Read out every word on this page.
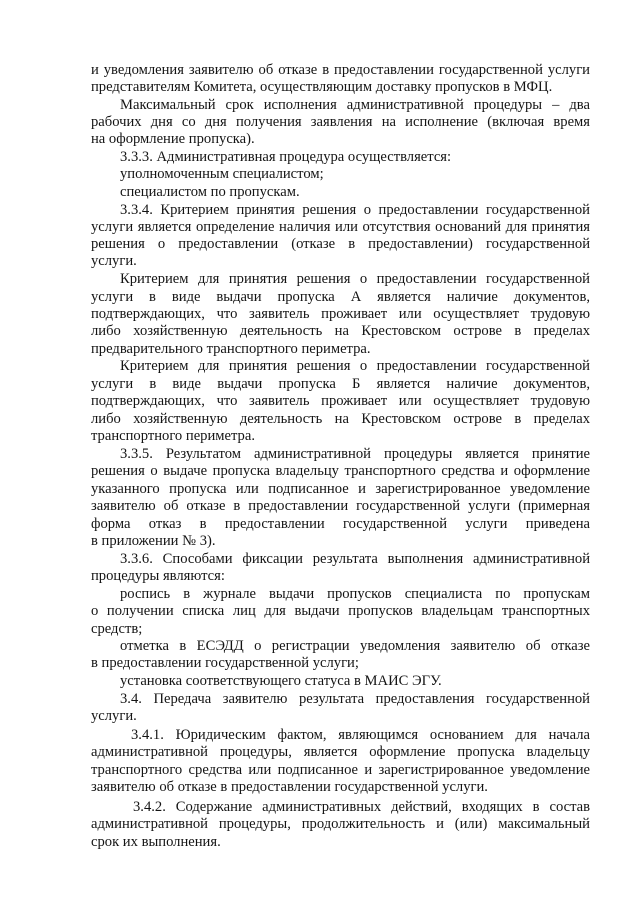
и уведомления заявителю об отказе в предоставлении государственной услуги
представителям Комитета, осуществляющим доставку пропусков в МФЦ.
Максимальный срок исполнения административной процедуры – два
рабочих дня со дня получения заявления на исполнение (включая время
на оформление пропуска).
3.3.3. Административная процедура осуществляется:
уполномоченным специалистом;
специалистом по пропускам.
3.3.4. Критерием принятия решения о предоставлении государственной
услуги является определение наличия или отсутствия оснований для принятия
решения о предоставлении (отказе в предоставлении) государственной
услуги.
Критерием для принятия решения о предоставлении государственной
услуги в виде выдачи пропуска А является наличие документов,
подтверждающих, что заявитель проживает или осуществляет трудовую
либо хозяйственную деятельность на Крестовском острове в пределах
предварительного транспортного периметра.
Критерием для принятия решения о предоставлении государственной
услуги в виде выдачи пропуска Б является наличие документов,
подтверждающих, что заявитель проживает или осуществляет трудовую
либо хозяйственную деятельность на Крестовском острове в пределах
транспортного периметра.
3.3.5. Результатом административной процедуры является принятие
решения о выдаче пропуска владельцу транспортного средства и оформление
указанного пропуска или подписанное и зарегистрированное уведомление
заявителю об отказе в предоставлении государственной услуги (примерная
форма отказ в предоставлении государственной услуги приведена
в приложении № 3).
3.3.6. Способами фиксации результата выполнения административной
процедуры являются:
роспись в журнале выдачи пропусков специалиста по пропускам
о получении списка лиц для выдачи пропусков владельцам транспортных
средств;
отметка в ЕСЭДД о регистрации уведомления заявителю об отказе
в предоставлении государственной услуги;
установка соответствующего статуса в МАИС ЭГУ.
3.4. Передача заявителю результата предоставления государственной
услуги.
3.4.1. Юридическим фактом, являющимся основанием для начала
административной процедуры, является оформление пропуска владельцу
транспортного средства или подписанное и зарегистрированное уведомление
заявителю об отказе в предоставлении государственной услуги.
3.4.2. Содержание административных действий, входящих в состав
административной процедуры, продолжительность и (или) максимальный
срок их выполнения.
